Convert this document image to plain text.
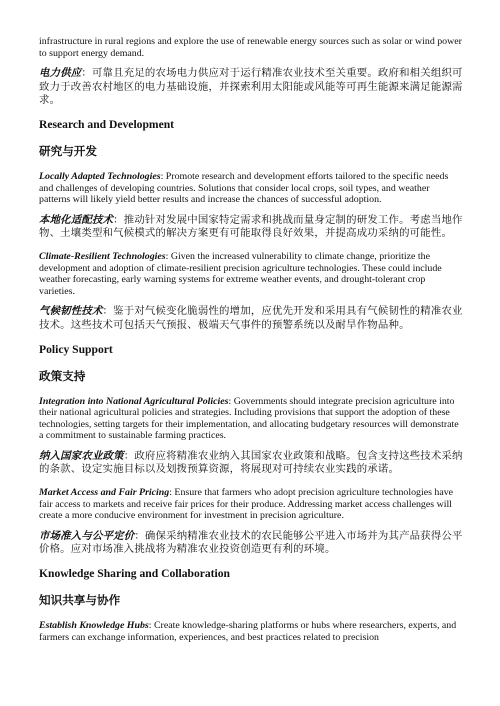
infrastructure in rural regions and explore the use of renewable energy sources such as solar or wind power to support energy demand.

电力供应：可靠且充足的农场电力供应对于运行精准农业技术至关重要。政府和相关组织可致力于改善农村地区的电力基础设施，并探索利用太阳能或风能等可再生能源来满足能源需求。

Research and Development
研究与开发

Locally Adapted Technologies: Promote research and development efforts tailored to the specific needs and challenges of developing countries. Solutions that consider local crops, soil types, and weather patterns will likely yield better results and increase the chances of successful adoption.

本地化适配技术：推动针对发展中国家特定需求和挑战而量身定制的研发工作。考虑当地作物、土壤类型和气候模式的解决方案更有可能取得良好效果，并提高成功采纳的可能性。

Climate-Resilient Technologies: Given the increased vulnerability to climate change, prioritize the development and adoption of climate-resilient precision agriculture technologies. These could include weather forecasting, early warning systems for extreme weather events, and drought-tolerant crop varieties.

气候韧性技术：鉴于对气候变化脆弱性的增加，应优先开发和采用具有气候韧性的精准农业技术。这些技术可包括天气预报、极端天气事件的预警系统以及耐旱作物品种。

Policy Support
政策支持

Integration into National Agricultural Policies: Governments should integrate precision agriculture into their national agricultural policies and strategies. Including provisions that support the adoption of these technologies, setting targets for their implementation, and allocating budgetary resources will demonstrate a commitment to sustainable farming practices.

纳入国家农业政策：政府应将精准农业纳入其国家农业政策和战略。包含支持这些技术采纳的条款、设定实施目标以及划拨预算资源，将展现对可持续农业实践的承诺。

Market Access and Fair Pricing: Ensure that farmers who adopt precision agriculture technologies have fair access to markets and receive fair prices for their produce. Addressing market access challenges will create a more conducive environment for investment in precision agriculture.

市场准入与公平定价：确保采纳精准农业技术的农民能够公平进入市场并为其产品获得公平价格。应对市场准入挑战将为精准农业投资创造更有利的环境。

Knowledge Sharing and Collaboration
知识共享与协作

Establish Knowledge Hubs: Create knowledge-sharing platforms or hubs where researchers, experts, and farmers can exchange information, experiences, and best practices related to precision
